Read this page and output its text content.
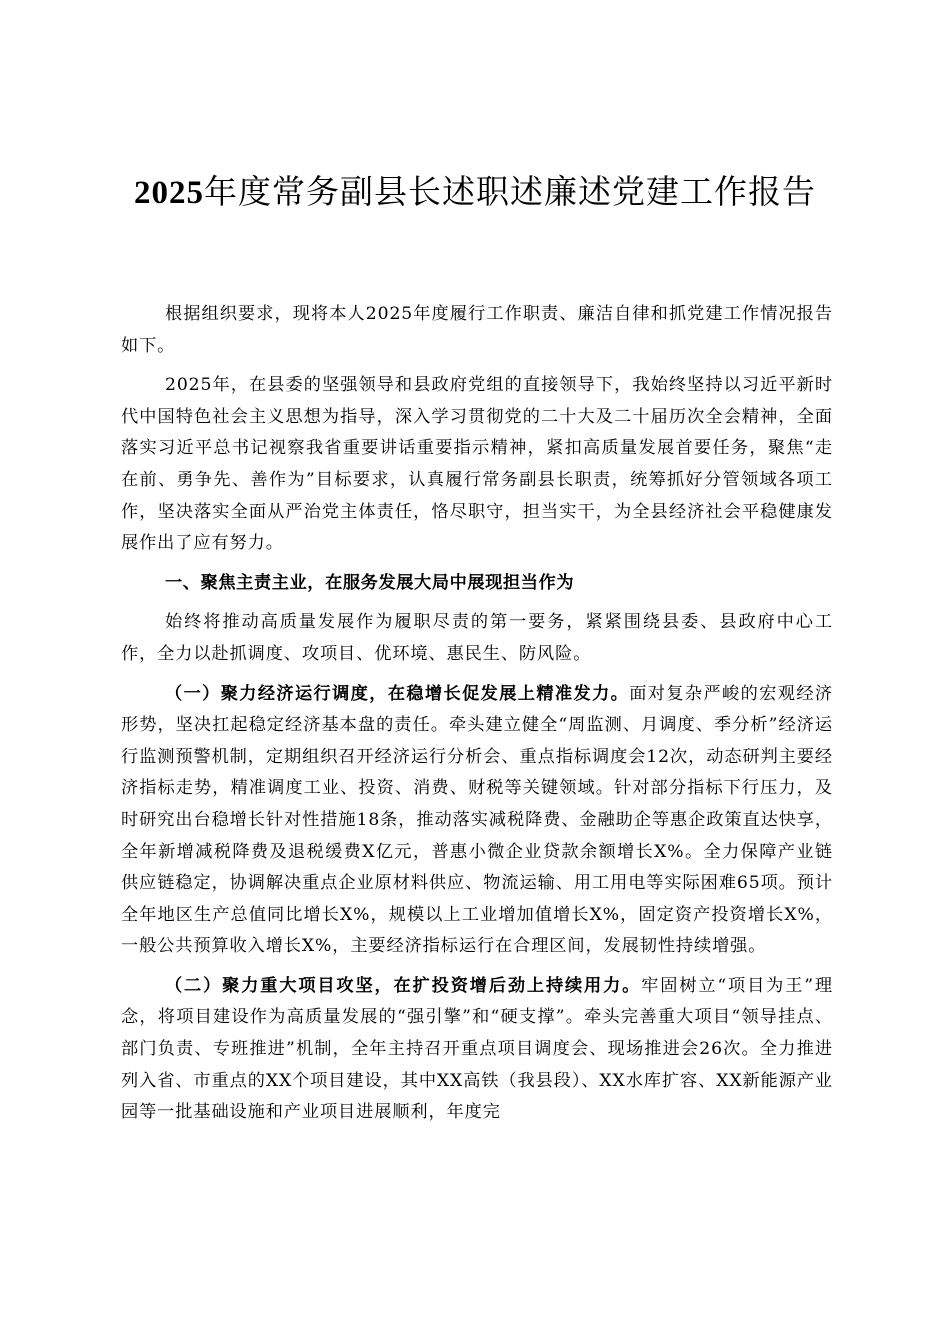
2025年度常务副县长述职述廉述党建工作报告

根据组织要求，现将本人2025年度履行工作职责、廉洁自律和抓党建工作情况报告如下。

2025年，在县委的坚强领导和县政府党组的直接领导下，我始终坚持以习近平新时代中国特色社会主义思想为指导，深入学习贯彻党的二十大及二十届历次全会精神，全面落实习近平总书记视察我省重要讲话重要指示精神，紧扣高质量发展首要任务，聚焦“走在前、勇争先、善作为”目标要求，认真履行常务副县长职责，统筹抓好分管领域各项工作，坚决落实全面从严治党主体责任，恪尽职守，担当实干，为全县经济社会平稳健康发展作出了应有努力。

一、聚焦主责主业，在服务发展大局中展现担当作为

始终将推动高质量发展作为履职尽责的第一要务，紧紧围绕县委、县政府中心工作，全力以赴抓调度、攻项目、优环境、惠民生、防风险。

（一）聚力经济运行调度，在稳增长促发展上精准发力。面对复杂严峻的宏观经济形势，坚决扛起稳定经济基本盘的责任。牵头建立健全“周监测、月调度、季分析”经济运行监测预警机制，定期组织召开经济运行分析会、重点指标调度会12次，动态研判主要经济指标走势，精准调度工业、投资、消费、财税等关键领域。针对部分指标下行压力，及时研究出台稳增长针对性措施18条，推动落实减税降费、金融助企等惠企政策直达快享，全年新增减税降费及退税缓费X亿元，普惠小微企业贷款余额增长X%。全力保障产业链供应链稳定，协调解决重点企业原材料供应、物流运输、用工用电等实际困难65项。预计全年地区生产总值同比增长X%，规模以上工业增加值增长X%，固定资产投资增长X%，一般公共预算收入增长X%，主要经济指标运行在合理区间，发展韧性持续增强。

（二）聚力重大项目攻坚，在扩投资增后劲上持续用力。牢固树立“项目为王”理念，将项目建设作为高质量发展的“强引擎”和“硬支撑”。牵头完善重大项目“领导挂点、部门负责、专班推进”机制，全年主持召开重点项目调度会、现场推进会26次。全力推进列入省、市重点的XX个项目建设，其中XX高铁（我县段）、XX水库扩容、XX新能源产业园等一批基础设施和产业项目进展顺利，年度完
